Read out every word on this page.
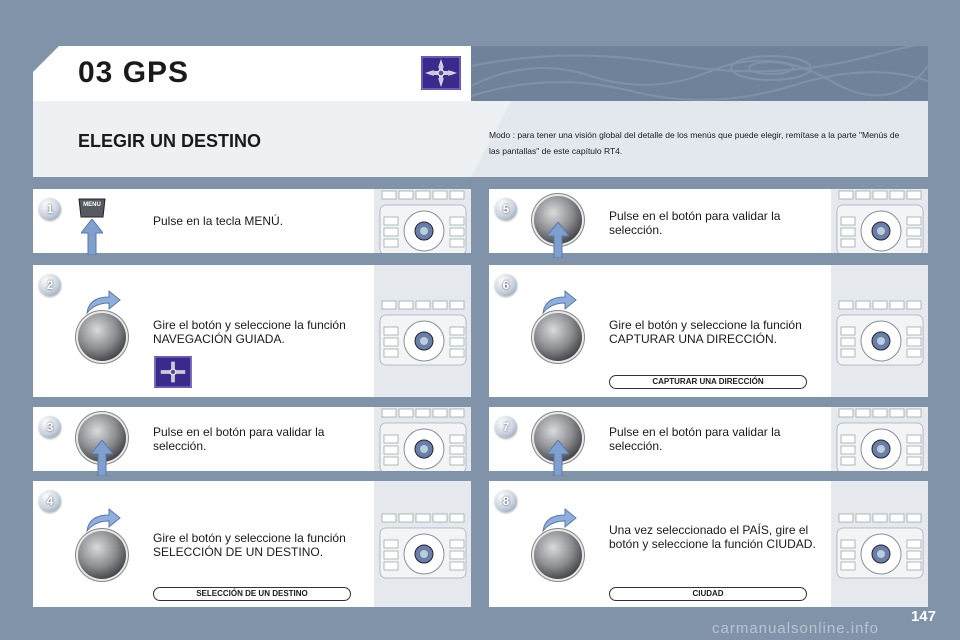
03 GPS
ELEGIR UN DESTINO	Modo : para tener una visión global del detalle de los menús que puede elegir, remítase a la parte "Menús de las pantallas" de este capítulo RT4.
1	MENU
Pulse en la tecla MENÚ.
2
Gire el botón y seleccione la función NAVEGACIÓN GUIADA.
3	Pulse en el botón para validar la selección.
4
Gire el botón y seleccione la función SELECCIÓN DE UN DESTINO.
SELECCIÓN DE UN DESTINO
5	Pulse en el botón para validar la selección.
6
Gire el botón y seleccione la función CAPTURAR UNA DIRECCIÓN.
CAPTURAR UNA DIRECCIÓN
7	Pulse en el botón para validar la selección.
8
Una vez seleccionado el PAÍS, gire el botón y seleccione la función CIUDAD.
CIUDAD
147
carmanualsonline.info
